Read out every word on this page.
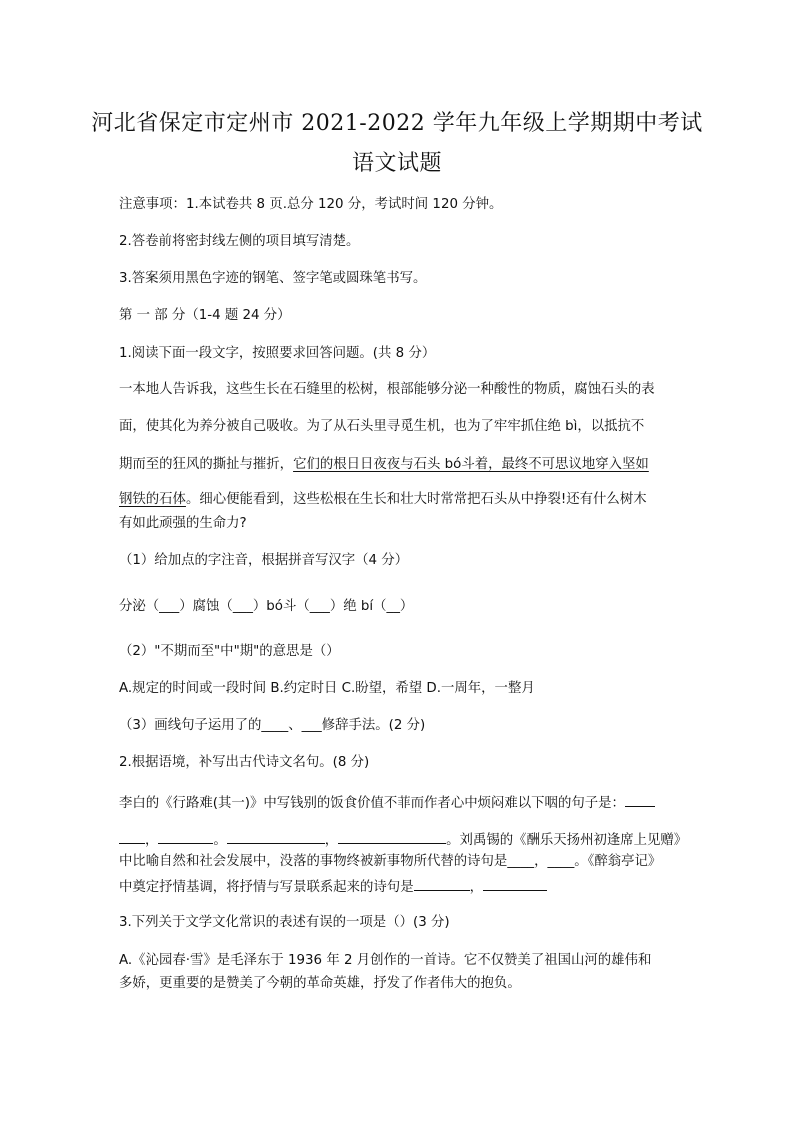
河北省保定市定州市 2021-2022 学年九年级上学期期中考试
语文试题
注意事项：1.本试卷共 8 页.总分 120 分，考试时间 120 分钟。
2.答卷前将密封线左侧的项目填写清楚。
3.答案须用黑色字迹的钢笔、签字笔或圆珠笔书写。
第 一 部 分（1-4 题 24 分）
1.阅读下面一段文字，按照要求回答问题。(共 8 分）
一本地人告诉我，这些生长在石缝里的松树，根部能够分泌一种酸性的物质，腐蚀石头的表
面，使其化为养分被自己吸收。为了从石头里寻觅生机，也为了牢牢抓住绝 bì，以抵抗不
期而至的狂风的撕扯与摧折，它们的根日日夜夜与石头 bó斗着，最终不可思议地穿入坚如
钢铁的石体。细心便能看到，这些松根在生长和壮大时常常把石头从中挣裂!还有什么树木
有如此顽强的生命力?
（1）给加点的字注音，根据拼音写汉字（4 分）
分泌（___）腐蚀（___）bó斗（___）绝 bí（__）
（2）"不期而至"中"期"的意思是（）
A.规定的时间或一段时间 B.约定时日 C.盼望，希望 D.一周年，一整月
（3）画线句子运用了的____、___修辞手法。(2 分)
2.根据语境，补写出古代诗文名句。(8 分)
李白的《行路难(其一)》中写钱别的饭食价值不菲而作者心中烦闷难以下咽的句子是：
，	。	，	。刘禹锡的《酬乐天扬州初逢席上见赠》
中比喻自然和社会发展中，没落的事物终被新事物所代替的诗句是____，____。《醉翁亭记》
中奠定抒情基调，将抒情与写景联系起来的诗句是	，
3.下列关于文学文化常识的表述有误的一项是（）(3 分)
A.《沁园春·雪》是毛泽东于 1936 年 2 月创作的一首诗。它不仅赞美了祖国山河的雄伟和
多娇，更重要的是赞美了今朝的革命英雄，抒发了作者伟大的抱负。
